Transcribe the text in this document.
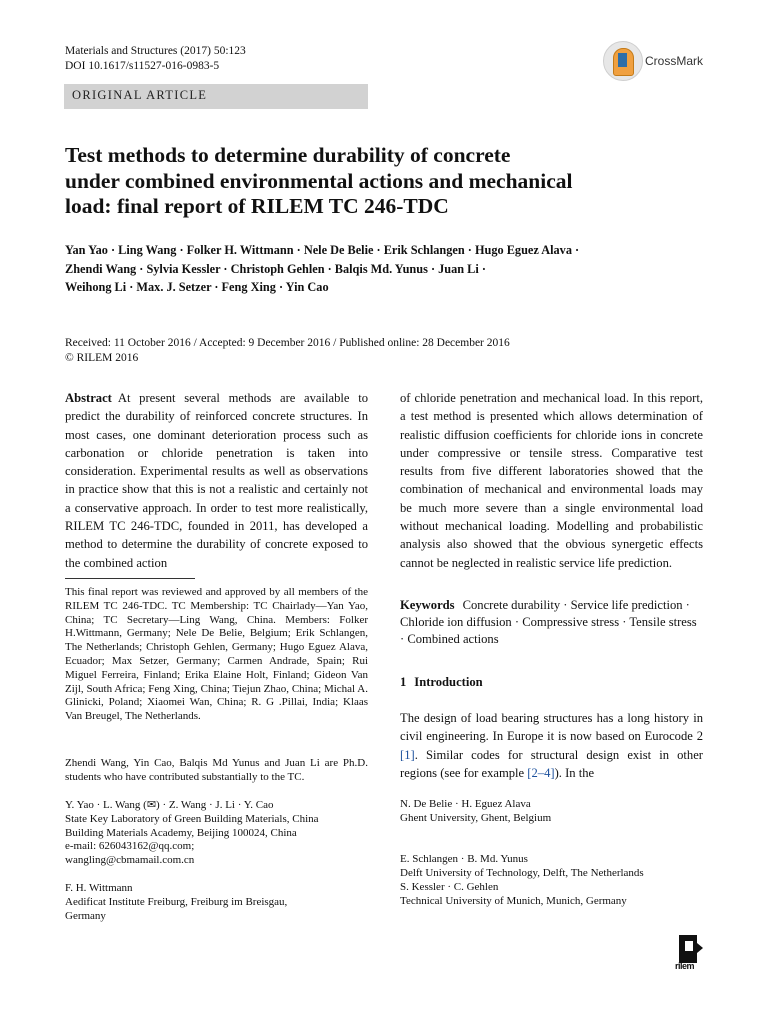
Materials and Structures (2017) 50:123
DOI 10.1617/s11527-016-0983-5	CrossMark
ORIGINAL ARTICLE
Test methods to determine durability of concrete
under combined environmental actions and mechanical
load: final report of RILEM TC 246-TDC
Yan Yao · Ling Wang · Folker H. Wittmann · Nele De Belie · Erik Schlangen · Hugo Eguez Alava ·
Zhendi Wang · Sylvia Kessler · Christoph Gehlen · Balqis Md. Yunus · Juan Li ·
Weihong Li · Max. J. Setzer · Feng Xing · Yin Cao
Received: 11 October 2016 / Accepted: 9 December 2016 / Published online: 28 December 2016
© RILEM 2016

Abstract At present several methods are available to predict the durability of reinforced concrete structures. In most cases, one dominant deterioration process such as carbonation or chloride penetration is taken into consideration. Experimental results as well as observations in practice show that this is not a realistic and certainly not a conservative approach. In order to test more realistically, RILEM TC 246-TDC, founded in 2011, has developed a method to determine the durability of concrete exposed to the combined action

of chloride penetration and mechanical load. In this report, a test method is presented which allows determination of realistic diffusion coefficients for chloride ions in concrete under compressive or tensile stress. Comparative test results from five different laboratories showed that the combination of mechanical and environmental loads may be much more severe than a single environmental load without mechanical loading. Modelling and probabilistic analysis also showed that the obvious synergetic effects cannot be neglected in realistic service life prediction.

Keywords Concrete durability · Service life prediction · Chloride ion diffusion · Compressive stress · Tensile stress · Combined actions
1 Introduction
The design of load bearing structures has a long history in civil engineering. In Europe it is now based on Eurocode 2 [1]. Similar codes for structural design exist in other regions (see for example [2–4]). In the
This final report was reviewed and approved by all members of the RILEM TC 246-TDC. TC Membership: TC Chairlady—Yan Yao, China; TC Secretary—Ling Wang, China. Members: Folker H.Wittmann, Germany; Nele De Belie, Belgium; Erik Schlangen, The Netherlands; Christoph Gehlen, Germany; Hugo Eguez Alava, Ecuador; Max Setzer, Germany; Carmen Andrade, Spain; Rui Miguel Ferreira, Finland; Erika Elaine Holt, Finland; Gideon Van Zijl, South Africa; Feng Xing, China; Tiejun Zhao, China; Michal A. Glinicki, Poland; Xiaomei Wan, China; R. G .Pillai, India; Klaas Van Breugel, The Netherlands.
Zhendi Wang, Yin Cao, Balqis Md Yunus and Juan Li are Ph.D. students who have contributed substantially to the TC.
Y. Yao · L. Wang (✉) · Z. Wang · J. Li · Y. Cao
State Key Laboratory of Green Building Materials, China
Building Materials Academy, Beijing 100024, China
e-mail: 626043162@qq.com;
wangling@cbmamail.com.cn
F. H. Wittmann
Aedificat Institute Freiburg, Freiburg im Breisgau,
Germany
N. De Belie · H. Eguez Alava
Ghent University, Ghent, Belgium
E. Schlangen · B. Md. Yunus
Delft University of Technology, Delft, The Netherlands
S. Kessler · C. Gehlen
Technical University of Munich, Munich, Germany
rilem
